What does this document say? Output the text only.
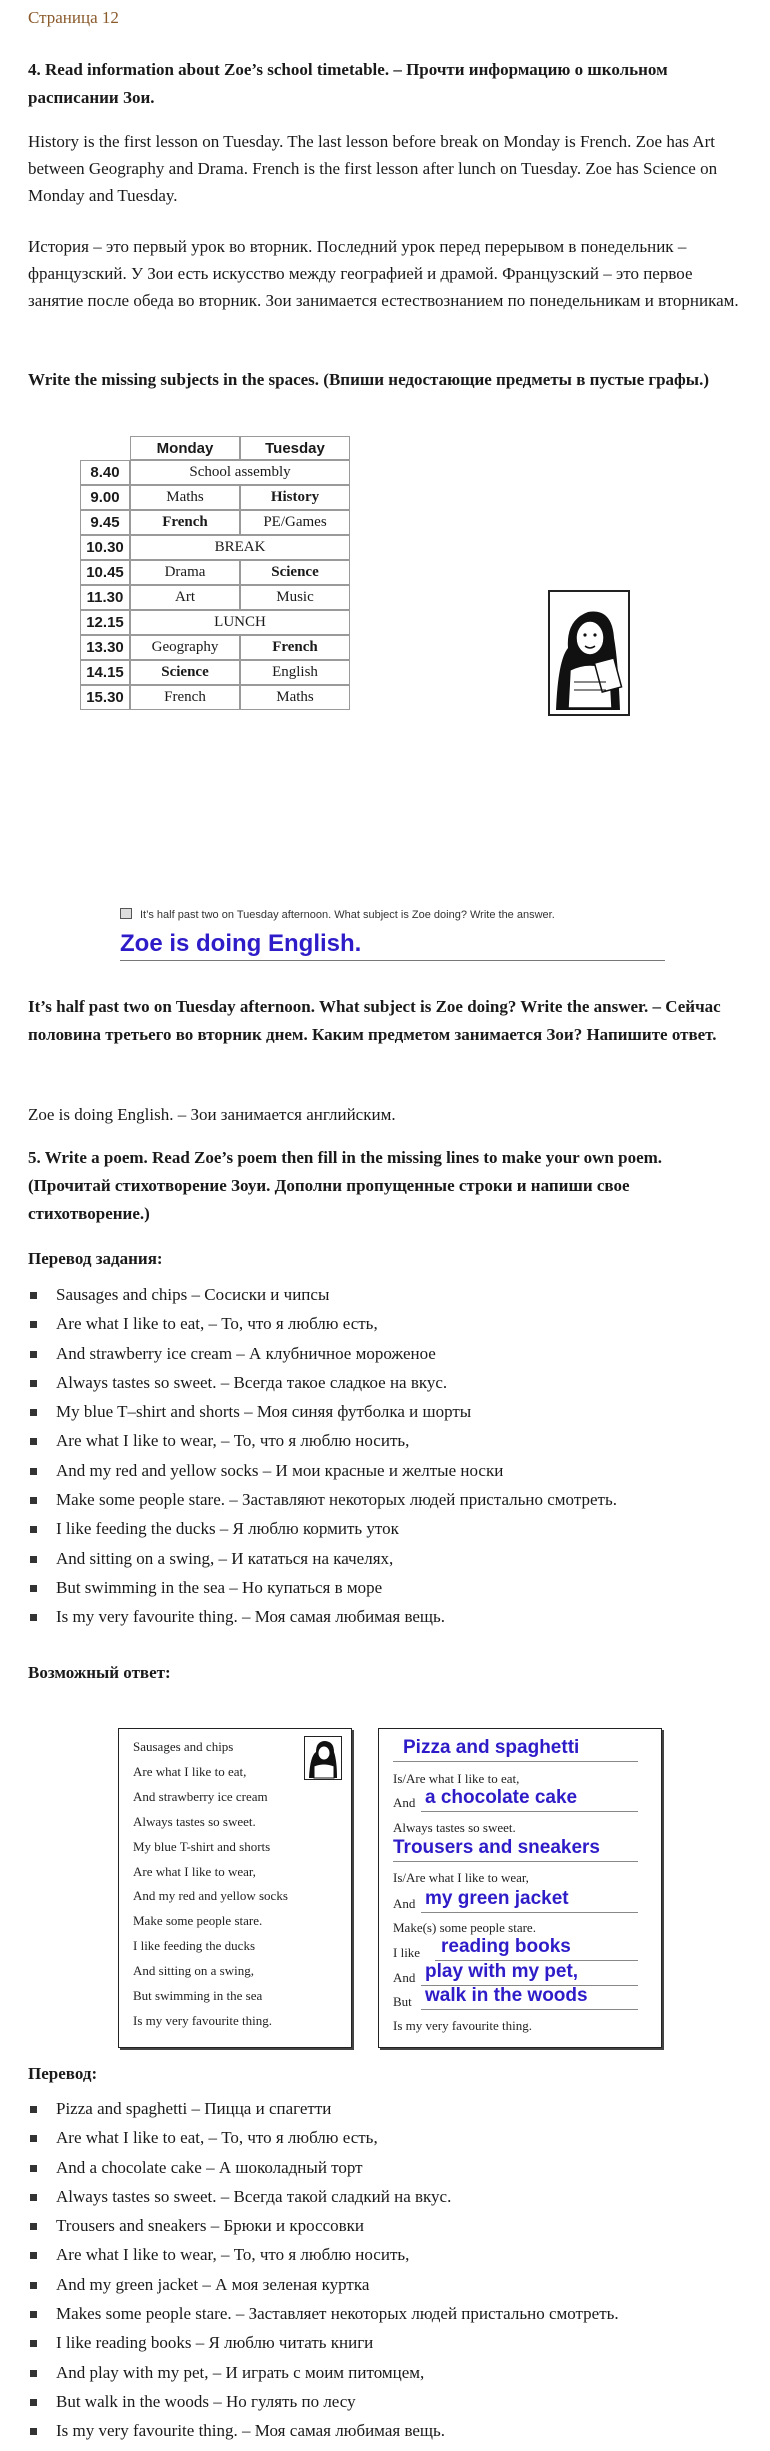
Страница 12

4. Read information about Zoe’s school timetable. – Прочти информацию о школьном расписании Зои.

History is the first lesson on Tuesday. The last lesson before break on Monday is French. Zoe has Art between Geography and Drama. French is the first lesson after lunch on Tuesday. Zoe has Science on Monday and Tuesday.

История – это первый урок во вторник. Последний урок перед перерывом в понедельник – французский. У Зои есть искусство между географией и драмой. Французский – это первое занятие после обеда во вторник. Зои занимается естествознанием по понедельникам и вторникам.

Write the missing subjects in the spaces. (Впиши недостающие предметы в пустые графы.)

Monday	Tuesday
8.40	School assembly
9.00	Maths	History
9.45	French	PE/Games
10.30	BREAK
10.45	Drama	Science
11.30	Art	Music
12.15	LUNCH
13.30	Geography	French
14.15	Science	English
15.30	French	Maths
It’s half past two on Tuesday afternoon. What subject is Zoe doing? Write the answer.
Zoe is doing English.

It’s half past two on Tuesday afternoon. What subject is Zoe doing? Write the answer. – Сейчас половина третьего во вторник днем. Каким предметом занимается Зои? Напишите ответ.

Zoe is doing English. – Зои занимается английским.

5. Write a poem. Read Zoe’s poem then fill in the missing lines to make your own poem. (Прочитай стихотворение Зоуи. Дополни пропущенные строки и напиши свое стихотворение.)

Перевод задания:

Sausages and chips – Сосиски и чипсы
Are what I like to eat, – То, что я люблю есть,
And strawberry ice cream – А клубничное мороженое
Always tastes so sweet. – Всегда такое сладкое на вкус.
My blue T–shirt and shorts – Моя синяя футболка и шорты
Are what I like to wear, – То, что я люблю носить,
And my red and yellow socks – И мои красные и желтые носки
Make some people stare. – Заставляют некоторых людей пристально смотреть.
I like feeding the ducks – Я люблю кормить уток
And sitting on a swing, – И кататься на качелях,
But swimming in the sea – Но купаться в море
Is my very favourite thing. – Моя самая любимая вещь.

Возможный ответ:

Sausages and chips
Are what I like to eat,
And strawberry ice cream
Always tastes so sweet.
My blue T-shirt and shorts
Are what I like to wear,
And my red and yellow socks
Make some people stare.
I like feeding the ducks
And sitting on a swing,
But swimming in the sea
Is my very favourite thing.
Pizza and spaghetti
Is/Are what I like to eat,
And a chocolate cake
Always tastes so sweet.
Trousers and sneakers
Is/Are what I like to wear,
And my green jacket
Make(s) some people stare.
I like reading books
And play with my pet,
But walk in the woods
Is my very favourite thing.

Перевод:

Pizza and spaghetti – Пицца и спагетти
Are what I like to eat, – То, что я люблю есть,
And a chocolate cake – А шоколадный торт
Always tastes so sweet. – Всегда такой сладкий на вкус.
Trousers and sneakers – Брюки и кроссовки
Are what I like to wear, – То, что я люблю носить,
And my green jacket – А моя зеленая куртка
Makes some people stare. – Заставляет некоторых людей пристально смотреть.
I like reading books – Я люблю читать книги
And play with my pet, – И играть с моим питомцем,
But walk in the woods – Но гулять по лесу
Is my very favourite thing. – Моя самая любимая вещь.
